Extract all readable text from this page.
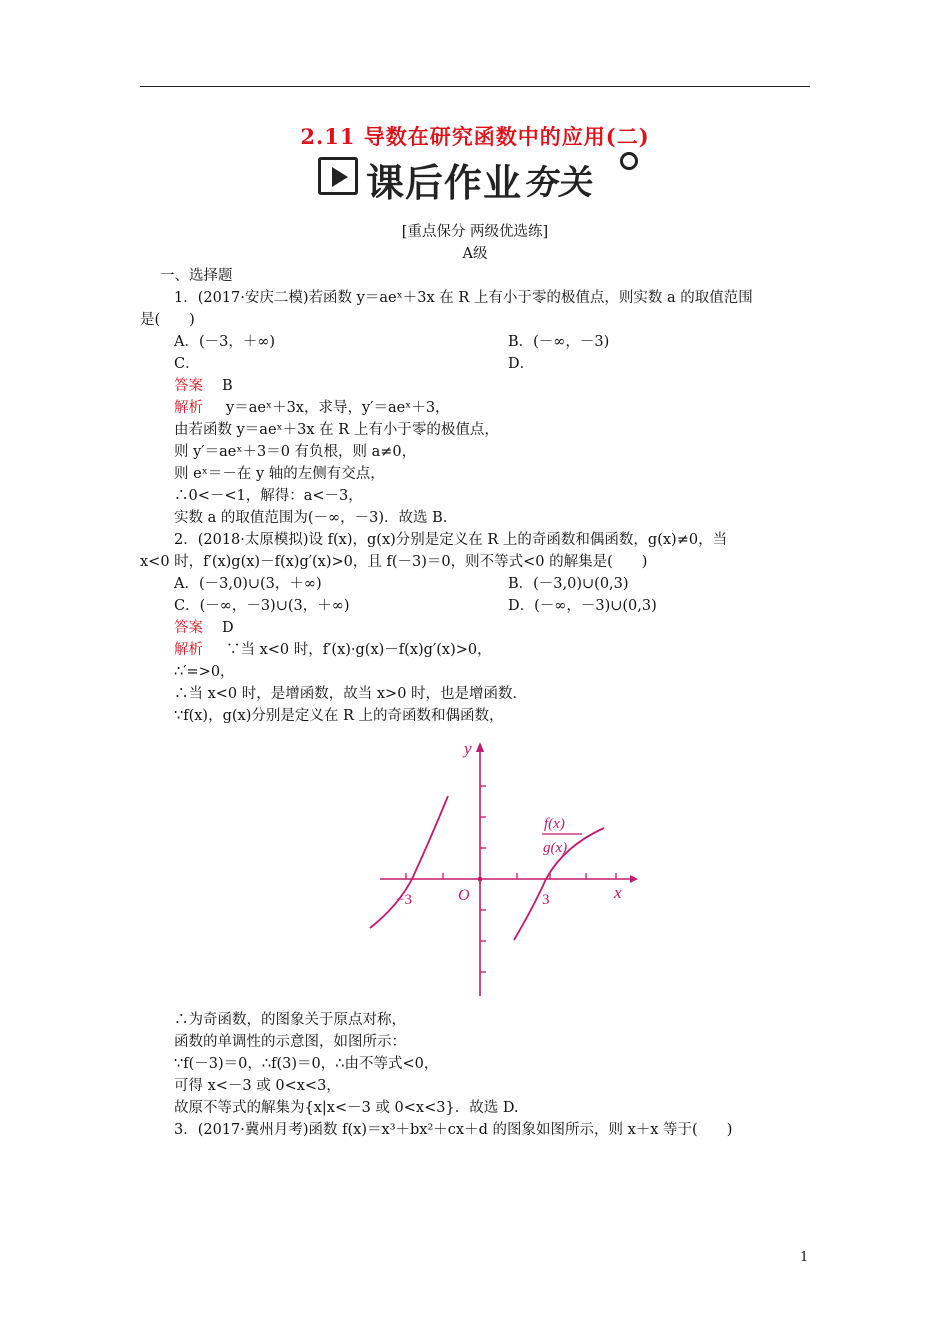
2.11 导数在研究函数中的应用(二)
课后作业 夯关
[重点保分 两级优选练]
A级
一、选择题
1．(2017·安庆二模)若函数 y＝aeˣ＋3x 在 R 上有小于零的极值点，则实数 a 的取值范围
是(　　)
A．(－3，＋∞)	B．(－∞，－3)
C．	D．
答案 B
解析 y＝aeˣ＋3x，求导，y′＝aeˣ＋3，
由若函数 y＝aeˣ＋3x 在 R 上有小于零的极值点，
则 y′＝aeˣ＋3＝0 有负根，则 a≠0，
则 eˣ＝－在 y 轴的左侧有交点，
∴0<－<1，解得：a<－3，
实数 a 的取值范围为(－∞，－3)．故选 B.
2．(2018·太原模拟)设 f(x)，g(x)分别是定义在 R 上的奇函数和偶函数，g(x)≠0，当
x<0 时，f′(x)g(x)－f(x)g′(x)>0，且 f(－3)＝0，则不等式<0 的解集是(　　)
A．(－3,0)∪(3，＋∞)	B．(－3,0)∪(0,3)
C．(－∞，－3)∪(3，＋∞)	D．(－∞，－3)∪(0,3)
答案 D
解析 ∵当 x<0 时，f′(x)·g(x)－f(x)g′(x)>0，
∴′=>0，
∴当 x<0 时，是增函数，故当 x>0 时，也是增函数．
∵f(x)，g(x)分别是定义在 R 上的奇函数和偶函数，
y
x
O
−3	3
f(x)
g(x)
∴为奇函数，的图象关于原点对称，
函数的单调性的示意图，如图所示：
∵f(－3)＝0，∴f(3)＝0，∴由不等式<0，
可得 x<－3 或 0<x<3，
故原不等式的解集为{x|x<－3 或 0<x<3}．故选 D.
3．(2017·冀州月考)函数 f(x)＝x³＋bx²＋cx＋d 的图象如图所示，则 x＋x 等于(　　)
1
